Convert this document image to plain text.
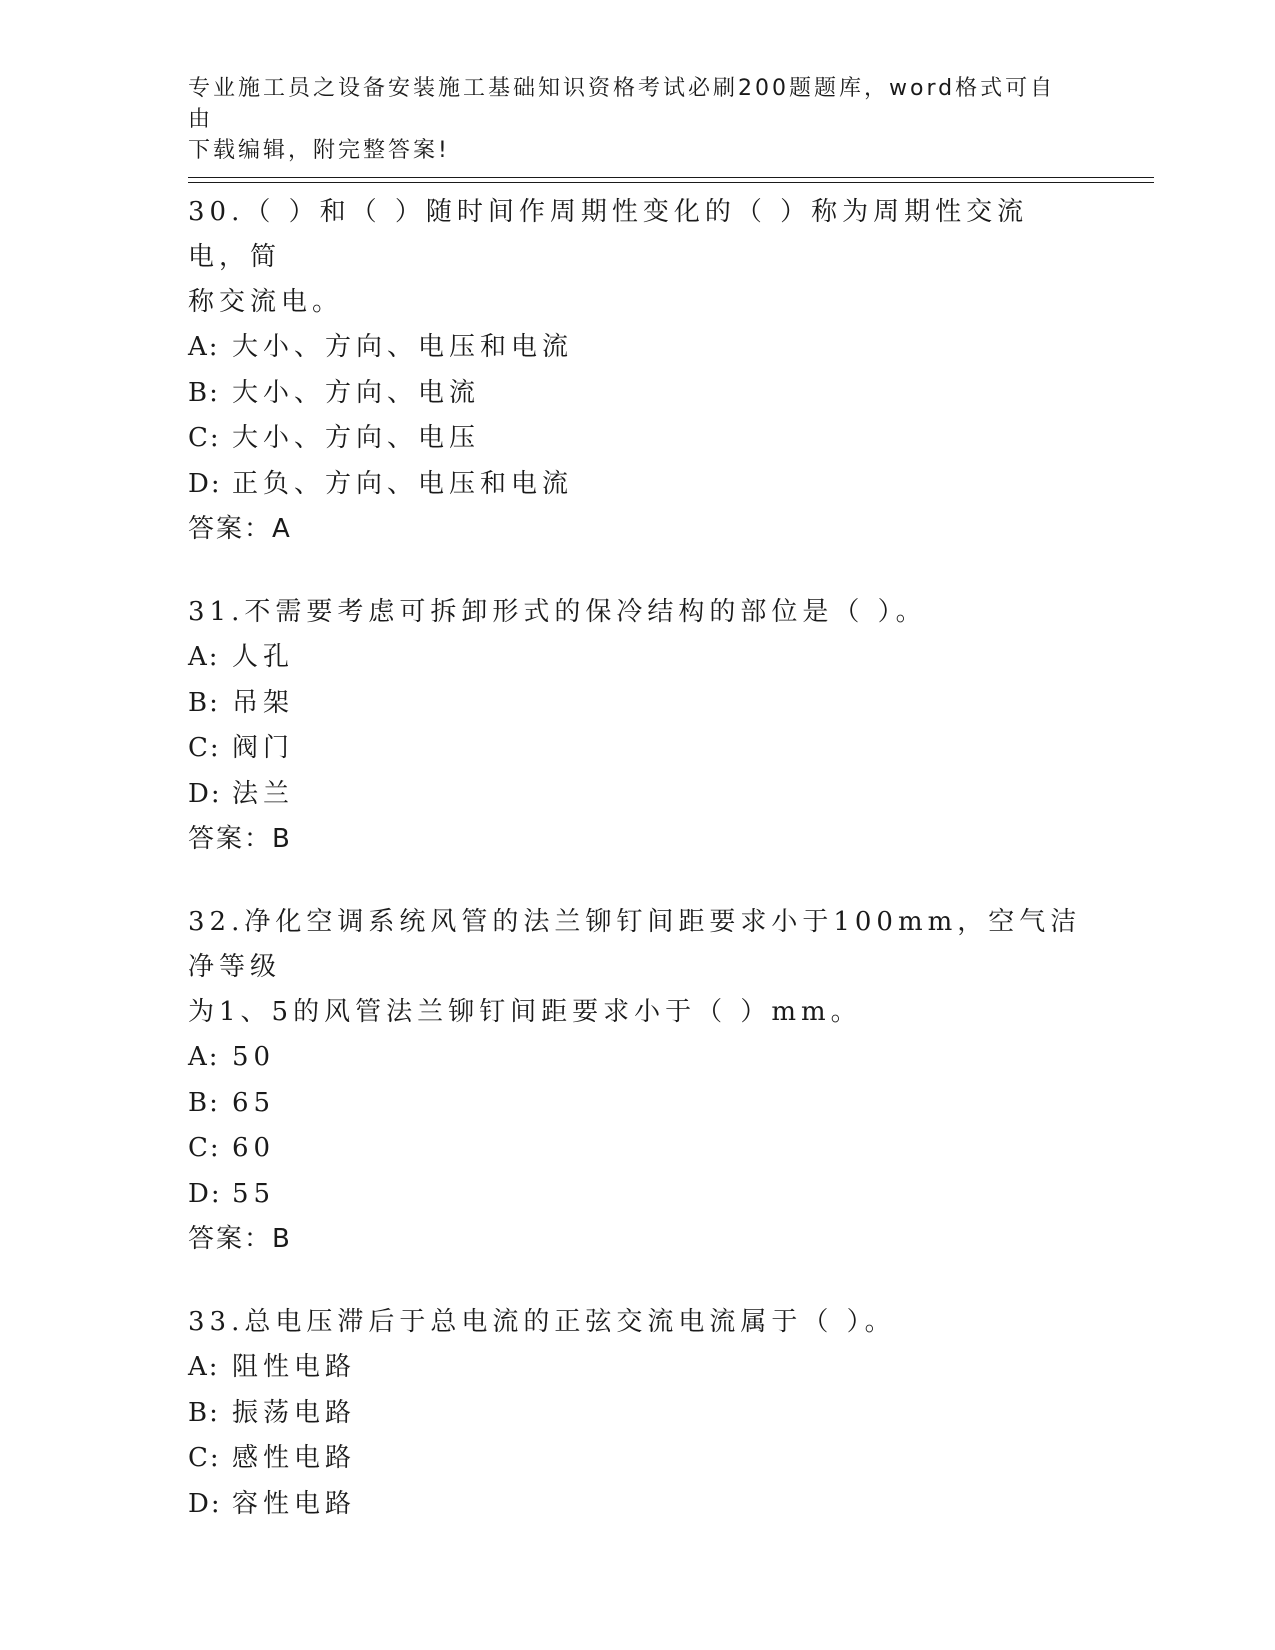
专业施工员之设备安装施工基础知识资格考试必刷200题题库，word格式可自由
下载编辑，附完整答案!

30.（ ）和（ ）随时间作周期性变化的（ ）称为周期性交流电，简
称交流电。

A: 大小、方向、电压和电流

B: 大小、方向、电流

C: 大小、方向、电压

D: 正负、方向、电压和电流

答案：A

31.不需要考虑可拆卸形式的保冷结构的部位是（ ）。

A: 人孔

B: 吊架

C: 阀门

D: 法兰

答案：B

32.净化空调系统风管的法兰铆钉间距要求小于100mm，空气洁净等级
为1、5的风管法兰铆钉间距要求小于（ ）mm。

A: 50

B: 65

C: 60

D: 55

答案：B

33.总电压滞后于总电流的正弦交流电流属于（ ）。

A: 阻性电路

B: 振荡电路

C: 感性电路

D: 容性电路
